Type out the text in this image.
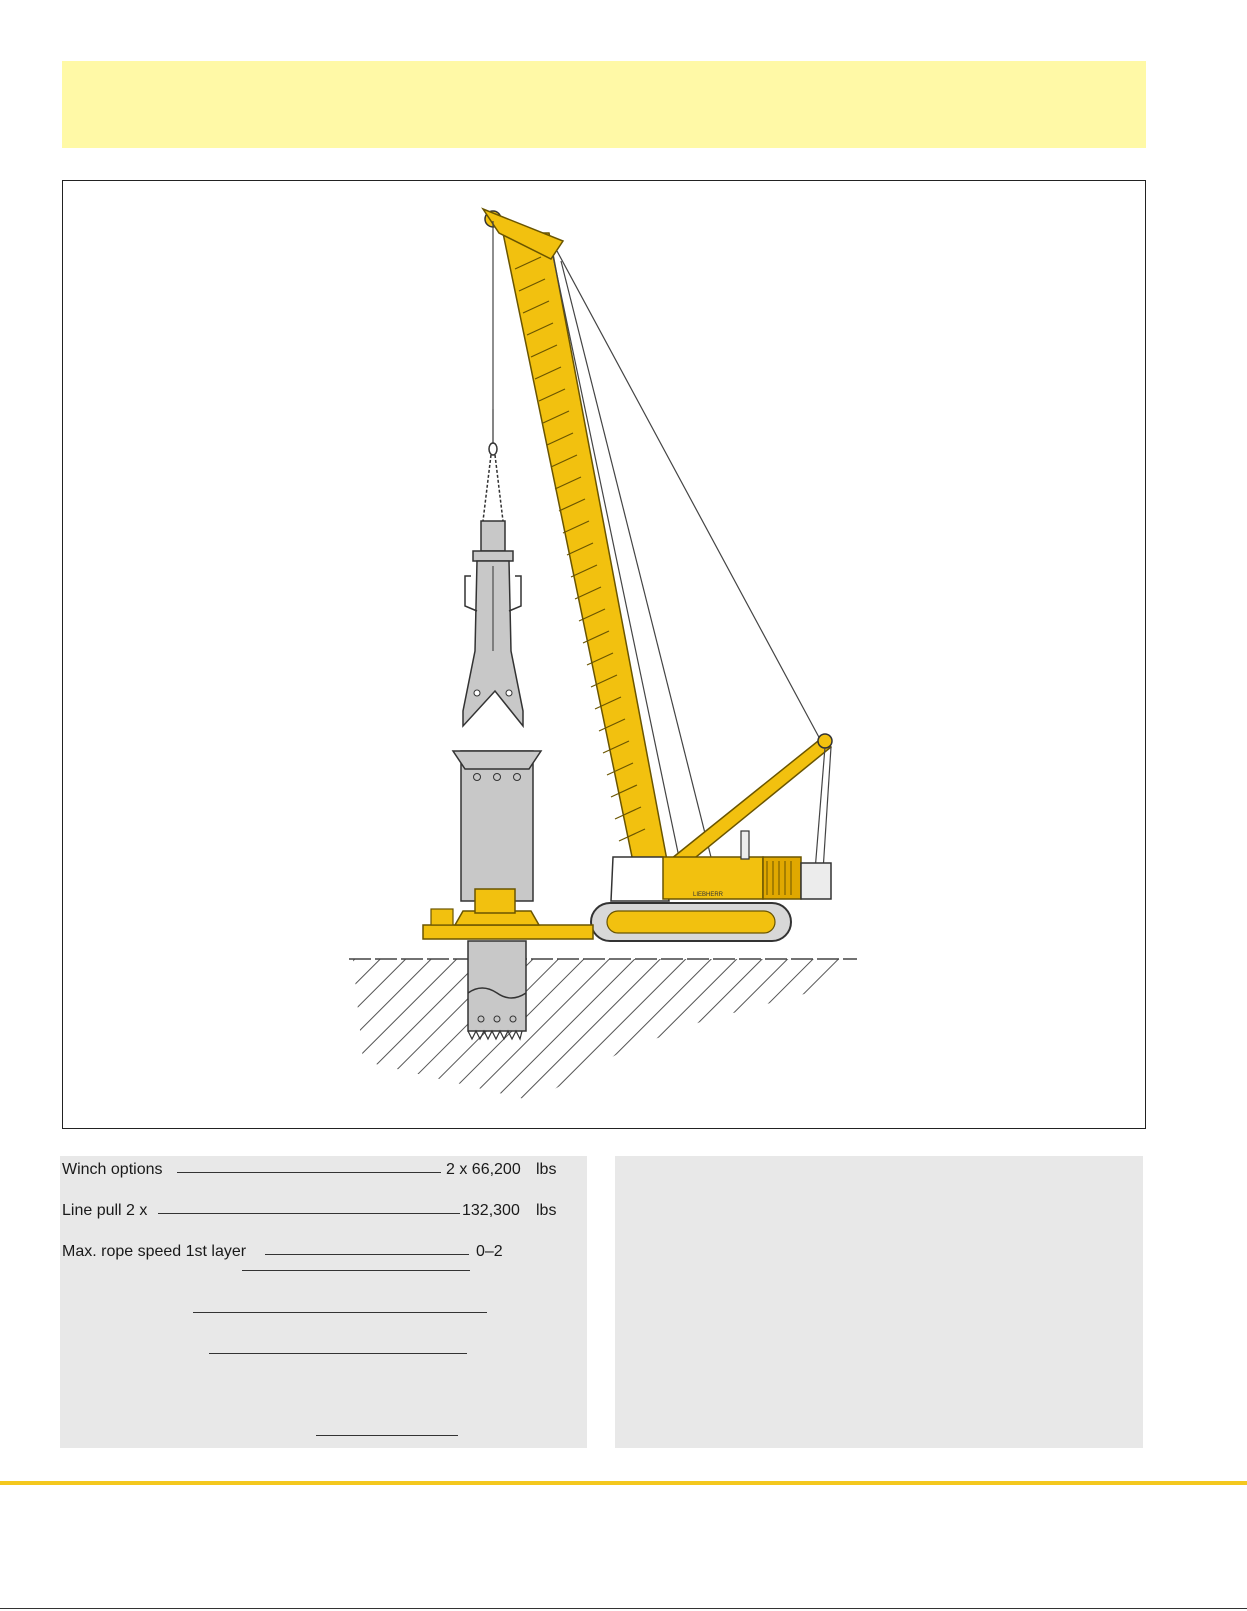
LIEBHERR
Winch options	2 x 66,200 lbs
Line pull 2 x	132,300 lbs
Max. rope speed 1st layer	0–2
